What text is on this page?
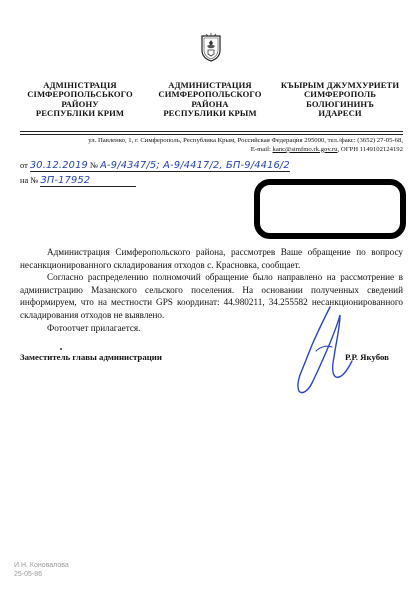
АДМІНІСТРАЦІЯ
СІМФЕРОПОЛЬСЬКОГО
РАЙОНУ
РЕСПУБЛIКИ КРИМ
АДМИНИСТРАЦИЯ
СИМФЕРОПОЛЬСКОГО
РАЙОНА
РЕСПУБЛИКИ КРЫМ
КЪЫРЫМ ДЖУМХУРИЕТИ
СИМФЕРОПОЛЬ
БОЛЮГИНИНЪ
ИДАРЕСИ
ул. Павленко, 1, г. Симферополь, Республика Крым, Российская Федерация 295000, тел./факс: (3652) 27-05-68,
E-mail: kanc@simfmo.rk.gov.ru, ОГРН 1149102124192
от 30.12.2019 № А-9/4347/5; А-9/4417/2, БП-9/4416/2
на № ЗП-17952

Администрация Симферопольского района, рассмотрев Ваше обращение по вопросу несанкционированного складирования отходов с. Красновка, сообщает.

Согласно распределению полномочий обращение было направлено на рассмотрение в администрацию Мазанского сельского поселения. На основании полученных сведений информируем, что на местности GPS координат: 44.980211, 34.255582 несанкционированного складирования отходов не выявлено.

Фотоотчет прилагается.

Заместитель главы администрации	Р.Р. Якубов
И.Н. Коновалова
25-05-86
